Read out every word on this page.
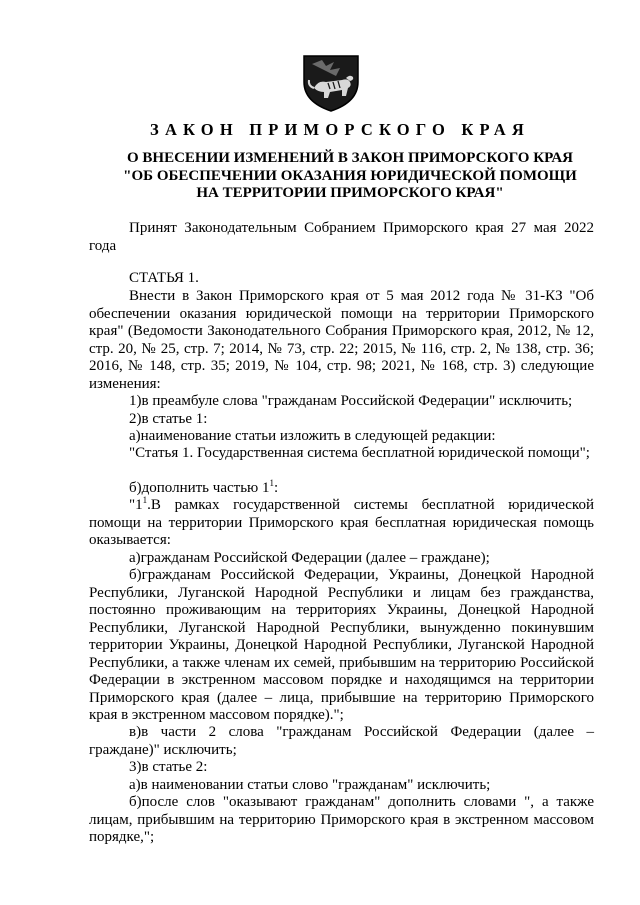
ЗАКОН ПРИМОРСКОГО КРАЯ
О ВНЕСЕНИИ ИЗМЕНЕНИЙ В ЗАКОН ПРИМОРСКОГО КРАЯ
"ОБ ОБЕСПЕЧЕНИИ ОКАЗАНИЯ ЮРИДИЧЕСКОЙ ПОМОЩИ
НА ТЕРРИТОРИИ ПРИМОРСКОГО КРАЯ"

Принят Законодательным Собранием Приморского края 27 мая 2022 года

СТАТЬЯ 1.

Внести в Закон Приморского края от 5 мая 2012 года № 31-КЗ "Об обеспечении оказания юридической помощи на территории Приморского края" (Ведомости Законодательного Собрания Приморского края, 2012, № 12, стр. 20, № 25, стр. 7; 2014, № 73, стр. 22; 2015, № 116, стр. 2, № 138, стр. 36; 2016, № 148, стр. 35; 2019, № 104, стр. 98; 2021, № 168, стр. 3) следующие изменения:

1)в преамбуле слова "гражданам Российской Федерации" исключить;
2)в статье 1:
а)наименование статьи изложить в следующей редакции:

"Статья 1. Государственная система бесплатной юридической помощи";

б)дополнить частью $1^1$:

"$1^1.В$ рамках государственной системы бесплатной юридической помощи на территории Приморского края бесплатная юридическая помощь оказывается:

а)гражданам Российской Федерации (далее – граждане);

б)гражданам Российской Федерации, Украины, Донецкой Народной Республики, Луганской Народной Республики и лицам без гражданства, постоянно проживающим на территориях Украины, Донецкой Народной Республики, Луганской Народной Республики, вынужденно покинувшим территории Украины, Донецкой Народной Республики, Луганской Народной Республики, а также членам их семей, прибывшим на территорию Российской Федерации в экстренном массовом порядке и находящимся на территории Приморского края (далее – лица, прибывшие на территорию Приморского края в экстренном массовом порядке).";

в)в части 2 слова "гражданам Российской Федерации (далее – граждане)" исключить;

3)в статье 2:
а)в наименовании статьи слово "гражданам" исключить;

б)после слов "оказывают гражданам" дополнить словами ", а также лицам, прибывшим на территорию Приморского края в экстренном массовом порядке,";
